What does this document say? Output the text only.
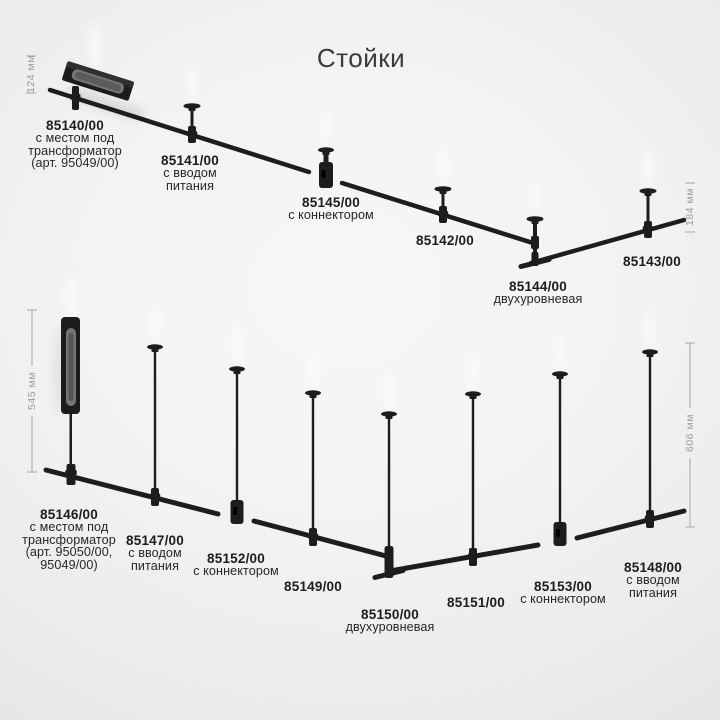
Стойки
124 мм
184 мм
545 мм
606 мм
85140/00
с местом под
трансформатор
(арт. 95049/00)	85141/00
с вводом
питания
85145/00
с коннектором
85142/00
85144/00
двухуровневая
85143/00
85146/00
с местом под
трансформатор
(арт. 95050/00,
95049/00)
85147/00
с вводом
питания	85152/00
с коннектором
85149/00
85150/00
двухуровневая
85151/00
85153/00
с коннектором
85148/00
с вводом
питания
